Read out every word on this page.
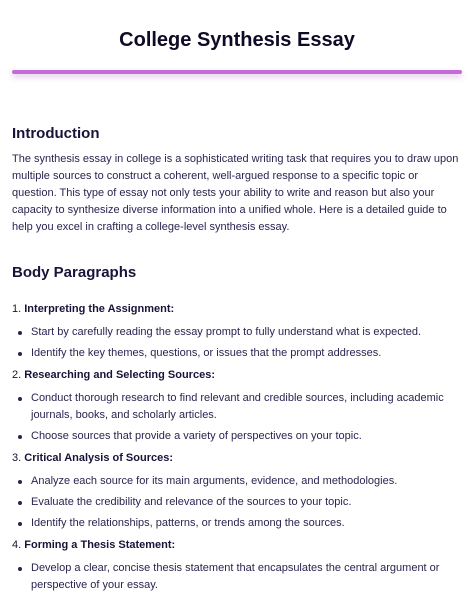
College Synthesis Essay
Introduction

The synthesis essay in college is a sophisticated writing task that requires you to draw upon multiple sources to construct a coherent, well-argued response to a specific topic or question. This type of essay not only tests your ability to write and reason but also your capacity to synthesize diverse information into a unified whole. Here is a detailed guide to help you excel in crafting a college-level synthesis essay.

Body Paragraphs

1. Interpreting the Assignment:

Start by carefully reading the essay prompt to fully understand what is expected.
Identify the key themes, questions, or issues that the prompt addresses.

2. Researching and Selecting Sources:

Conduct thorough research to find relevant and credible sources, including academic journals, books, and scholarly articles.
Choose sources that provide a variety of perspectives on your topic.

3. Critical Analysis of Sources:

Analyze each source for its main arguments, evidence, and methodologies.
Evaluate the credibility and relevance of the sources to your topic.
Identify the relationships, patterns, or trends among the sources.

4. Forming a Thesis Statement:

Develop a clear, concise thesis statement that encapsulates the central argument or perspective of your essay.
